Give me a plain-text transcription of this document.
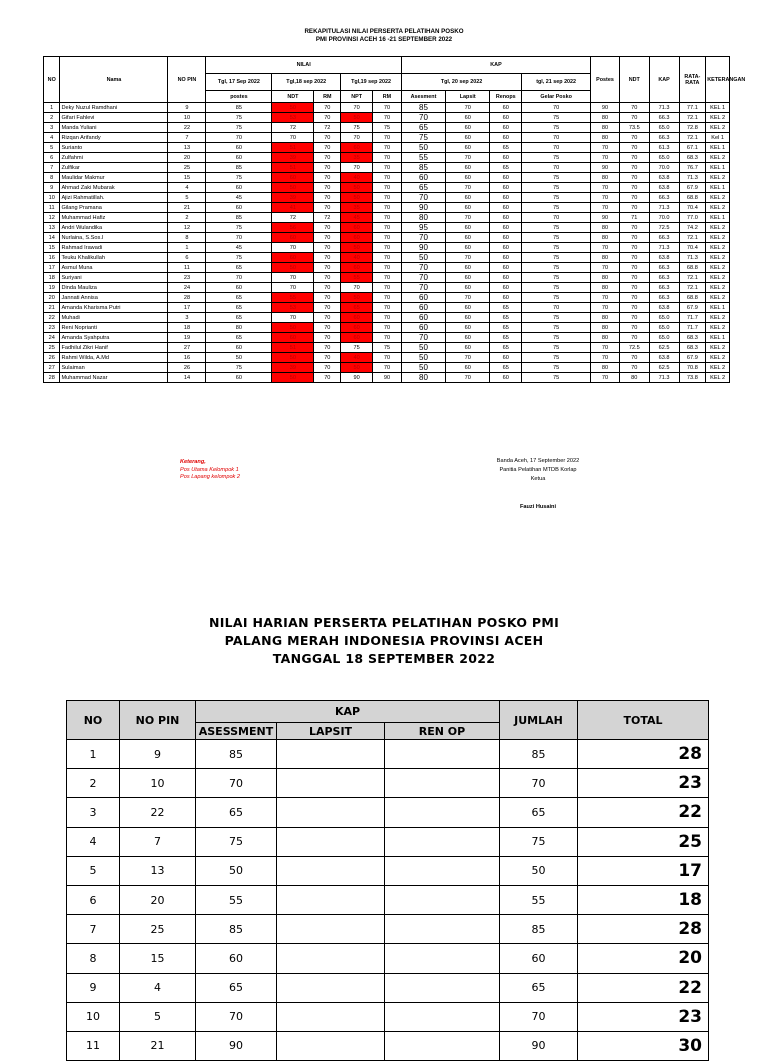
REKAPITULASI NILAI PERSERTA PELATIHAN POSKO
PMI PROVINSI ACEH 16 -21 SEPTEMBER 2022
NO	Nama	NO PIN	NILAI					KAP				Postes	NDT	KAP	RATA-RATA	KETERANGAN
			Tgl, 17 Sep 2022	Tgl,18 sep 2022		Tgl,19 sep 2022		Tgl, 20 sep 2022			tgl, 21 sep 2022					
			postes	NDT	RM	NPT	RM	Asesment	Lapsit	Renops	Gelar Posko					
1	Deky Nuzul Ramdhani	9	85	50	70	70	70	85	70	60	70	90	70	71.3	77.1	KEL 1
2	Gifari Fahlevi	10	75	53	70	50	70	70	60	60	75	80	70	66.3	72.1	KEL 2
3	Manda Yuliani	22	75	72	72	75	75	65	60	60	75	80	73.5	65.0	72.8	KEL 2
4	Rizqan Arifandy	7	70	70	70	70	70	75	60	60	70	80	70	66.3	72.1	Kel 1
5	Surianto	13	60	51	70	60	70	50	60	65	70	70	70	61.3	67.1	KEL 1
6	Zulfahmi	20	60	39	70	35	70	55	70	60	75	70	70	65.0	68.3	KEL 2
7	Zulfikar	25	85	51	70	70	70	85	60	65	70	90	70	70.0	76.7	KEL 1
8	Maulidar Makmur	15	75	60	70	40	70	60	60	60	75	80	70	63.8	71.3	KEL 2
9	Ahmad Zaki Mubarak	4	60	50	70	50	70	65	70	60	75	70	70	63.8	67.9	KEL 1
10	Ajizi Rahmatillah.	5	45	39	70	50	70	70	60	60	75	70	70	66.3	68.8	KEL 2
11	Gilang Pramana	21	60	41	70	35	70	90	60	60	75	70	70	71.3	70.4	KEL 2
12	Muhammad Hafiz	2	85	72	72	45	70	80	70	60	70	90	71	70.0	77.0	KEL 1
13	Andri Wulandika	12	75	56	70	60	70	95	60	60	75	80	70	72.5	74.2	KEL 2
14	Nurlaina, S.Sos.I	8	70	60	70	60	70	70	60	60	75	80	70	66.3	72.1	KEL 2
15	Rahmad Irawadi	1	45	70	70	50	70	90	60	60	75	70	70	71.3	70.4	KEL 2
16	Teuku Khalikullah	6	75	60	70	40	70	50	70	60	75	80	70	63.8	71.3	KEL 2
17	Asmul Muna	11	65	50	70	60	70	70	60	60	75	70	70	66.3	68.8	KEL 2
18	Suriyani	23	70	70	70	55	70	70	60	60	75	80	70	66.3	72.1	KEL 2
19	Dinda Mauliza	24	60	70	70	70	70	70	60	60	75	80	70	66.3	72.1	KEL 2
20	Jannati Annisa	28	65	55	70	50	70	60	70	60	75	70	70	66.3	68.8	KEL 2
21	Amanda Kharisma Putri	17	65	53	70	65	70	60	60	65	70	70	70	63.8	67.9	KEL 1
22	Muhadi	3	65	70	70	60	70	60	60	65	75	80	70	65.0	71.7	KEL 2
23	Reni Noprianti	18	80	50	70	60	70	60	60	65	75	80	70	65.0	71.7	KEL 2
24	Amanda Syahputra	19	65	60	70	60	70	70	60	65	75	80	70	65.0	68.3	KEL 1
25	Fadhilul Zikri Hanif	27	60	51	70	75	75	50	60	65	75	70	72.5	62.5	68.3	KEL 2
26	Rahmi Wilda, A.Md	16	50	50	70	40	70	50	70	60	75	70	70	63.8	67.9	KEL 2
27	Sulaiman	26	75	39	70	50	70	50	60	65	75	80	70	62.5	70.8	KEL 2
28	Muhammad Nazar	14	60	50	70	90	90	80	70	60	75	70	80	71.3	73.8	KEL 2
Keterang,
Pos Utama Kelompok 1
Pos Lapang kelompok 2
Banda Aceh, 17 September 2022
Panitia Pelatihan MTDB Korlap
Ketua
Fauzi Husaini
NILAI HARIAN PERSERTA PELATIHAN POSKO PMI
PALANG MERAH INDONESIA PROVINSI ACEH
TANGGAL 18 SEPTEMBER 2022
NO	NO PIN	KAP			JUMLAH	TOTAL
		ASESSMENT	LAPSIT	REN OP		
1	9	85			85	28
2	10	70			70	23
3	22	65			65	22
4	7	75			75	25
5	13	50			50	17
6	20	55			55	18
7	25	85			85	28
8	15	60			60	20
9	4	65			65	22
10	5	70			70	23
11	21	90			90	30
